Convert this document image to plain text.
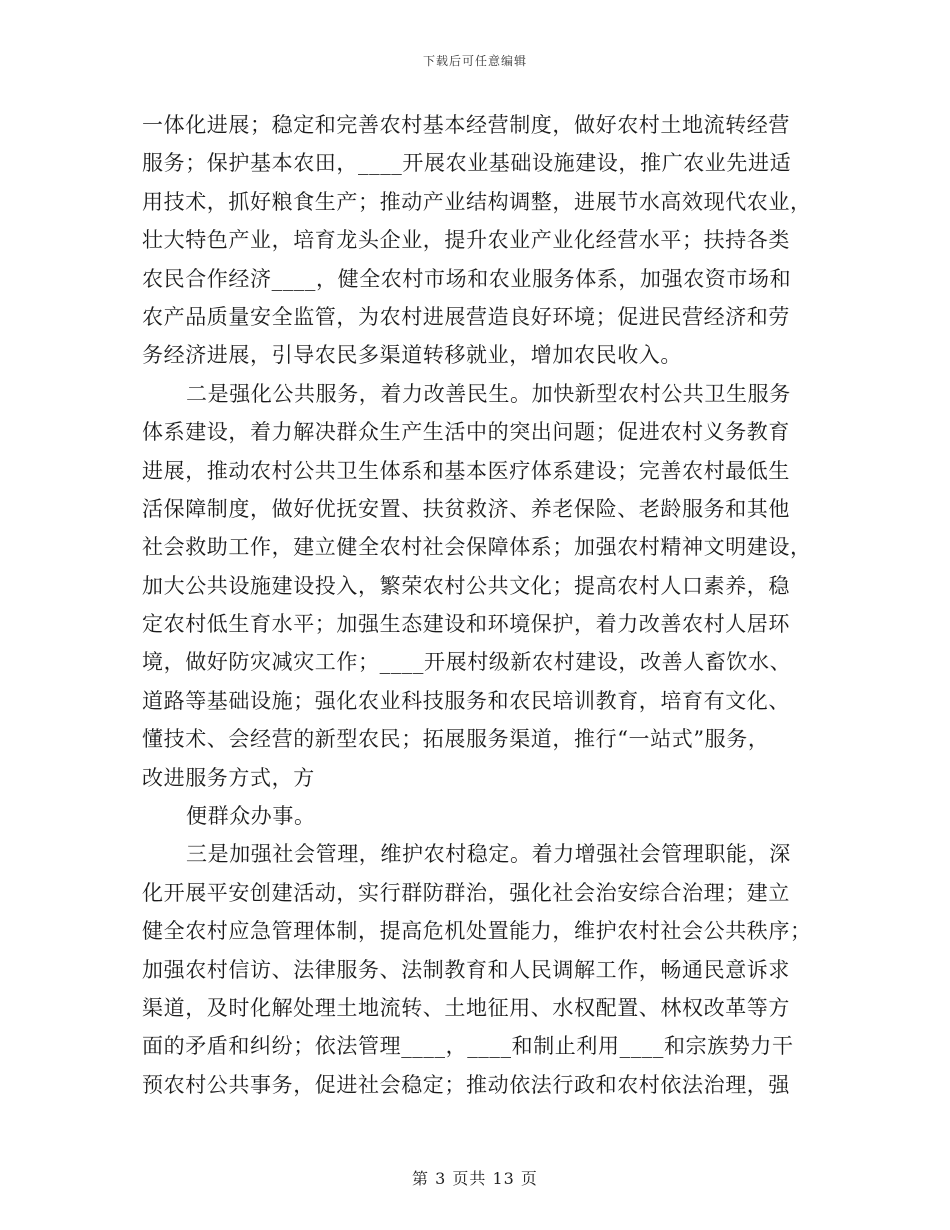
下载后可任意编辑
一体化进展；稳定和完善农村基本经营制度，做好农村土地流转经营
服务；保护基本农田，____开展农业基础设施建设，推广农业先进适
用技术，抓好粮食生产；推动产业结构调整，进展节水高效现代农业，
壮大特色产业，培育龙头企业，提升农业产业化经营水平；扶持各类
农民合作经济____，健全农村市场和农业服务体系，加强农资市场和
农产品质量安全监管，为农村进展营造良好环境；促进民营经济和劳
务经济进展，引导农民多渠道转移就业，增加农民收入。
二是强化公共服务，着力改善民生。加快新型农村公共卫生服务
体系建设，着力解决群众生产生活中的突出问题；促进农村义务教育
进展，推动农村公共卫生体系和基本医疗体系建设；完善农村最低生
活保障制度，做好优抚安置、扶贫救济、养老保险、老龄服务和其他
社会救助工作，建立健全农村社会保障体系；加强农村精神文明建设，
加大公共设施建设投入，繁荣农村公共文化；提高农村人口素养，稳
定农村低生育水平；加强生态建设和环境保护，着力改善农村人居环
境，做好防灾减灾工作；____开展村级新农村建设，改善人畜饮水、
道路等基础设施；强化农业科技服务和农民培训教育，培育有文化、
懂技术、会经营的新型农民；拓展服务渠道，推行“一站式”服务，
改进服务方式，方
便群众办事。
三是加强社会管理，维护农村稳定。着力增强社会管理职能，深
化开展平安创建活动，实行群防群治，强化社会治安综合治理；建立
健全农村应急管理体制，提高危机处置能力，维护农村社会公共秩序；
加强农村信访、法律服务、法制教育和人民调解工作，畅通民意诉求
渠道，及时化解处理土地流转、土地征用、水权配置、林权改革等方
面的矛盾和纠纷；依法管理____，____和制止利用____和宗族势力干
预农村公共事务，促进社会稳定；推动依法行政和农村依法治理，强
第 3 页共 13 页
